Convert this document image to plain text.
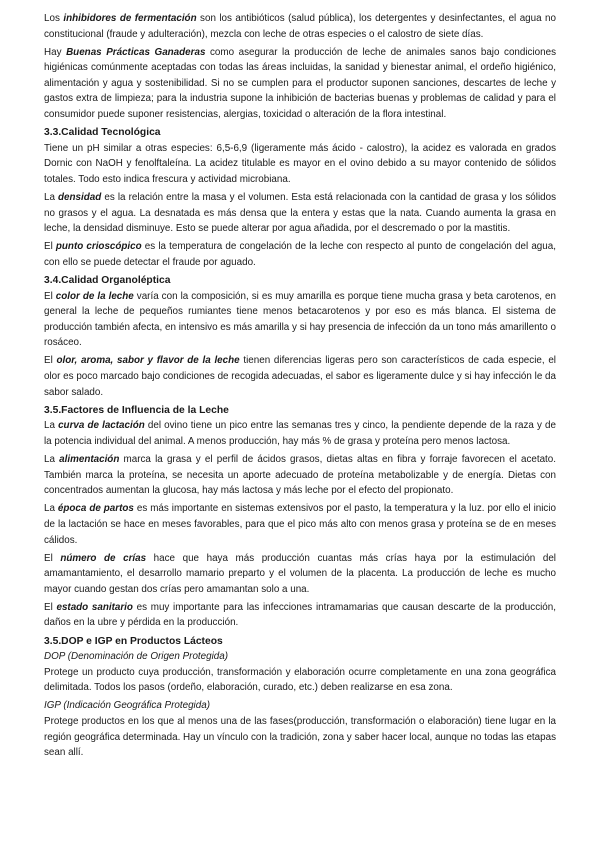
Los inhibidores de fermentación son los antibióticos (salud pública), los detergentes y desinfectantes, el agua no constitucional (fraude y adulteración), mezcla con leche de otras especies o el calostro de siete días.

Hay Buenas Prácticas Ganaderas como asegurar la producción de leche de animales sanos bajo condiciones higiénicas comúnmente aceptadas con todas las áreas incluidas, la sanidad y bienestar animal, el ordeño higiénico, alimentación y agua y sostenibilidad. Si no se cumplen para el productor suponen sanciones, descartes de leche y gastos extra de limpieza; para la industria supone la inhibición de bacterias buenas y problemas de calidad y para el consumidor puede suponer resistencias, alergias, toxicidad o alteración de la flora intestinal.

3.3.Calidad Tecnológica

Tiene un pH similar a otras especies: 6,5-6,9 (ligeramente más ácido - calostro), la acidez es valorada en grados Dornic con NaOH y fenolftaleína. La acidez titulable es mayor en el ovino debido a su mayor contenido de sólidos totales. Todo esto indica frescura y actividad microbiana.

La densidad es la relación entre la masa y el volumen. Esta está relacionada con la cantidad de grasa y los sólidos no grasos y el agua. La desnatada es más densa que la entera y estas que la nata. Cuando aumenta la grasa en leche, la densidad disminuye. Esto se puede alterar por agua añadida, por el descremado o por la mastitis.

El punto crioscópico es la temperatura de congelación de la leche con respecto al punto de congelación del agua, con ello se puede detectar el fraude por aguado.

3.4.Calidad Organoléptica

El color de la leche varía con la composición, si es muy amarilla es porque tiene mucha grasa y beta carotenos, en general la leche de pequeños rumiantes tiene menos betacarotenos y por eso es más blanca. El sistema de producción también afecta, en intensivo es más amarilla y si hay presencia de infección da un tono más amarillento o rosáceo.

El olor, aroma, sabor y flavor de la leche tienen diferencias ligeras pero son característicos de cada especie, el olor es poco marcado bajo condiciones de recogida adecuadas, el sabor es ligeramente dulce y si hay infección le da sabor salado.

3.5.Factores de Influencia de la Leche

La curva de lactación del ovino tiene un pico entre las semanas tres y cinco, la pendiente depende de la raza y de la potencia individual del animal. A menos producción, hay más % de grasa y proteína pero menos lactosa.

La alimentación marca la grasa y el perfil de ácidos grasos, dietas altas en fibra y forraje favorecen el acetato. También marca la proteína, se necesita un aporte adecuado de proteína metabolizable y de energía. Dietas con concentrados aumentan la glucosa, hay más lactosa y más leche por el efecto del propionato.

La época de partos es más importante en sistemas extensivos por el pasto, la temperatura y la luz. por ello el inicio de la lactación se hace en meses favorables, para que el pico más alto con menos grasa y proteína se de en meses cálidos.

El número de crías hace que haya más producción cuantas más crías haya por la estimulación del amamantamiento, el desarrollo mamario preparto y el volumen de la placenta. La producción de leche es mucho mayor cuando gestan dos crías pero amamantan solo a una.

El estado sanitario es muy importante para las infecciones intramamarias que causan descarte de la producción, daños en la ubre y pérdida en la producción.

3.5.DOP e IGP en Productos Lácteos
DOP (Denominación de Origen Protegida)

Protege un producto cuya producción, transformación y elaboración ocurre completamente en una zona geográfica delimitada. Todos los pasos (ordeño, elaboración, curado, etc.) deben realizarse en esa zona.

IGP (Indicación Geográfica Protegida)

Protege productos en los que al menos una de las fases(producción, transformación o elaboración) tiene lugar en la región geográfica determinada. Hay un vínculo con la tradición, zona y saber hacer local, aunque no todas las etapas sean allí.
